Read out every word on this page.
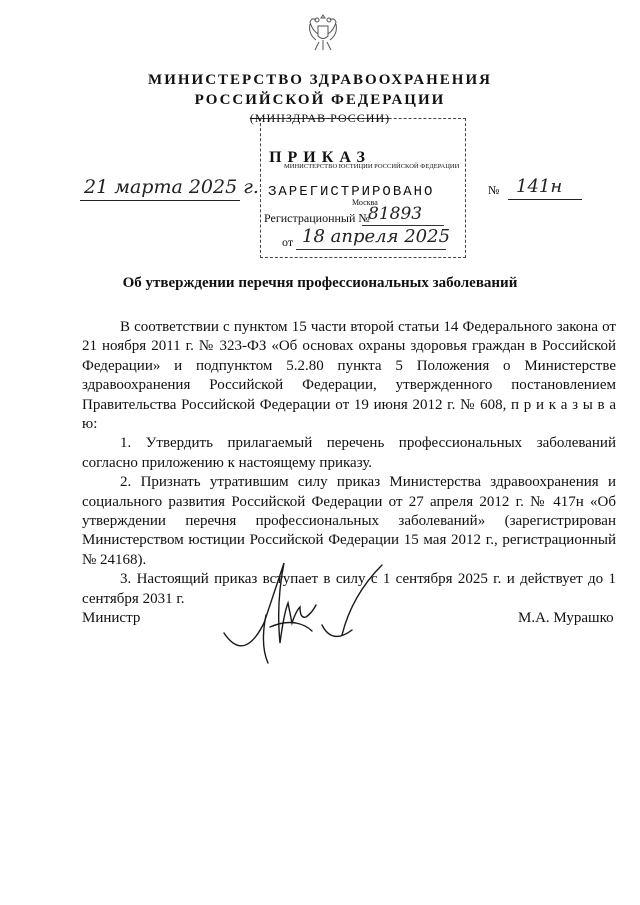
МИНИСТЕРСТВО ЗДРАВООХРАНЕНИЯ
РОССИЙСКОЙ ФЕДЕРАЦИИ
(МИНЗДРАВ РОССИИ)
ПРИКАЗ
МИНИСТЕРСТВО ЮСТИЦИИ РОССИЙСКОЙ ФЕДЕРАЦИИ
ЗАРЕГИСТРИРОВАНО
Москва
Регистрационный №
81893
от 18 апреля 2025
21 марта 2025 г.	№ 141н
Об утверждении перечня профессиональных заболеваний

В соответствии с пунктом 15 части второй статьи 14 Федерального закона от 21 ноября 2011 г. № 323-ФЗ «Об основах охраны здоровья граждан в Российской Федерации» и подпунктом 5.2.80 пункта 5 Положения о Министерстве здравоохранения Российской Федерации, утвержденного постановлением Правительства Российской Федерации от 19 июня 2012 г. № 608, п р и к а з ы в а ю:

1. Утвердить прилагаемый перечень профессиональных заболеваний согласно приложению к настоящему приказу.

2. Признать утратившим силу приказ Министерства здравоохранения и социального развития Российской Федерации от 27 апреля 2012 г. № 417н «Об утверждении перечня профессиональных заболеваний» (зарегистрирован Министерством юстиции Российской Федерации 15 мая 2012 г., регистрационный № 24168).

3. Настоящий приказ вступает в силу с 1 сентября 2025 г. и действует до 1 сентября 2031 г.

Министр	М.А. Мурашко
